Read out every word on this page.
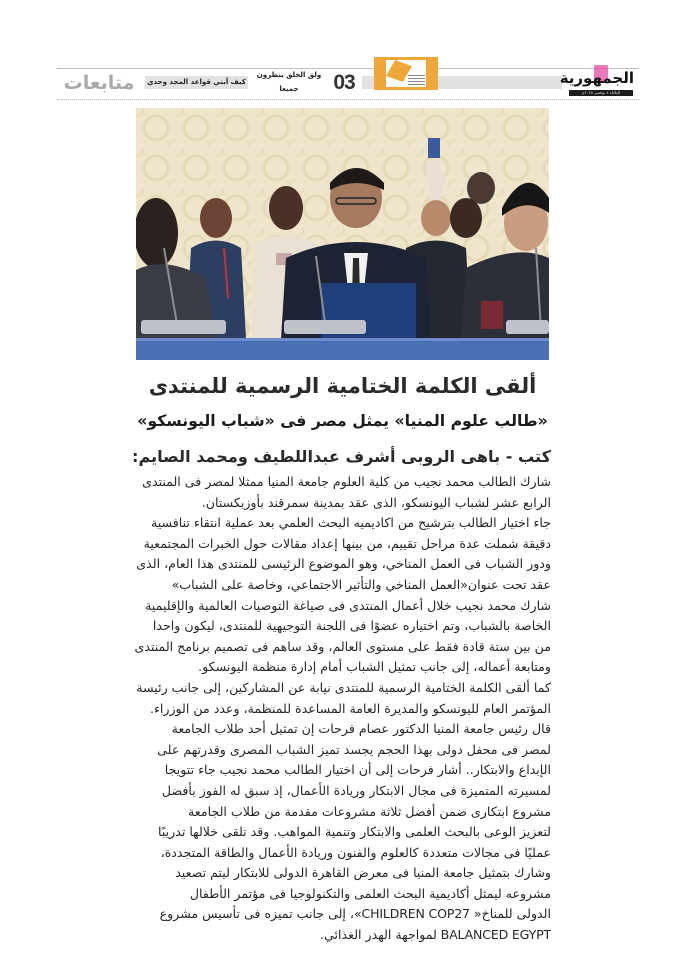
متابعات	كيف أبني قواعد المجد وحدي
ولق الخلق ينظرون جميعا	03	الجمهورية
الثلاثاء ٤ نوفمبر ٢٠٢٥م
ألقى الكلمة الختامية الرسمية للمنتدى
«طالب علوم المنيا» يمثل مصر فى «شباب اليونسكو»
كتب - باهى الروبى أشرف عبداللطيف ومحمد الصايم:
شارك الطالب محمد نجيب من كلية العلوم جامعة المنيا ممثلا لمصر فى المنتدى
الرابع عشر لشباب اليونسكو، الذى عقد بمدينة سمرقند بأوزبكستان.
جاء اختيار الطالب بترشيح من اكاديميه البحث العلمي بعد عملية انتقاء تنافسية
دقيقة شملت عدة مراحل تقييم، من بينها إعداد مقالات حول الخبرات المجتمعية
ودور الشباب فى العمل المناخي، وهو الموضوع الرئيسى للمنتدى هذا العام، الذى
عقد تحت عنوان«العمل المناخي والتأثير الاجتماعي، وخاصة على الشباب»
شارك محمد نجيب خلال أعمال المنتدى فى صياغة التوصيات العالمية والإقليمية
الخاصة بالشباب، وتم اختياره عضوًا فى اللجنة التوجيهية للمنتدى، ليكون واحدا
من بين ستة قادة فقط على مستوى العالم، وقد ساهم فى تصميم برنامج المنتدى
ومتابعة أعماله، إلى جانب تمثيل الشباب أمام إدارة منظمة اليونسكو.
كما ألقى الكلمة الختامية الرسمية للمنتدى نيابة عن المشاركين، إلى جانب رئيسة
المؤتمر العام لليونسكو والمديرة العامة المساعدة للمنظمة، وعدد من الوزراء.
قال رئيس جامعة المنيا الدكتور عصام فرحات إن تمثيل أحد طلاب الجامعة
لمصر فى محفل دولى بهذا الحجم يجسد تميز الشباب المصرى وقدرتهم على
الإبداع والابتكار.. أشار فرحات إلى أن اختيار الطالب محمد نجيب جاء تتويجا
لمسيرته المتميزة فى مجال الابتكار وريادة الأعمال، إذ سبق له الفوز بأفضل
مشروع ابتكارى ضمن أفضل ثلاثة مشروعات مقدمة من طلاب الجامعة
لتعزيز الوعى بالبحث العلمى والابتكار وتنمية المواهب. وقد تلقى خلالها تدريبًا
عمليًا فى مجالات متعددة كالعلوم والفنون وريادة الأعمال والطاقة المتجددة،
وشارك بتمثيل جامعة المنيا فى معرض القاهرة الدولى للابتكار ليتم تصعيد
مشروعه ليمثل أكاديمية البحث العلمى والتكنولوجيا فى مؤتمر الأطفال
الدولى للمناخ« CHILDREN COP27»، إلى جانب تميزه فى تأسيس مشروع
BALANCED EGYPT لمواجهة الهدر الغذائي.
